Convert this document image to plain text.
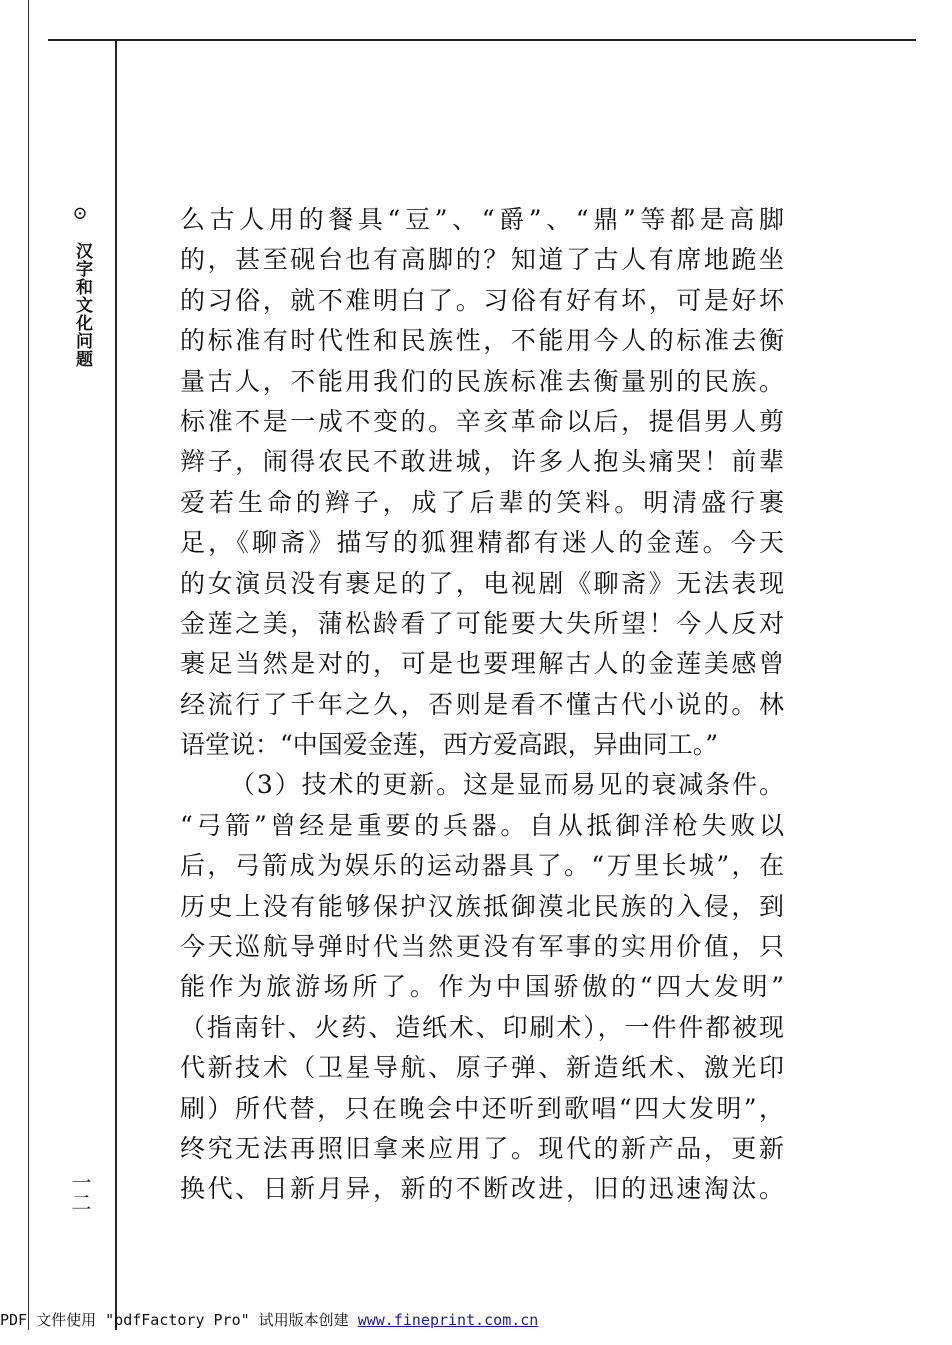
⊙
汉字和文化问题
一二
么古人用的餐具“豆”、“爵”、“鼎”等都是高脚
的，甚至砚台也有高脚的？知道了古人有席地跪坐
的习俗，就不难明白了。习俗有好有坏，可是好坏
的标准有时代性和民族性，不能用今人的标准去衡
量古人，不能用我们的民族标准去衡量别的民族。
标准不是一成不变的。辛亥革命以后，提倡男人剪
辫子，闹得农民不敢进城，许多人抱头痛哭！前辈
爱若生命的辫子，成了后辈的笑料。明清盛行裹
足，《聊斋》描写的狐狸精都有迷人的金莲。今天
的女演员没有裹足的了，电视剧《聊斋》无法表现
金莲之美，蒲松龄看了可能要大失所望！今人反对
裹足当然是对的，可是也要理解古人的金莲美感曾
经流行了千年之久，否则是看不懂古代小说的。林
语堂说：“中国爱金莲，西方爱高跟，异曲同工。”
（3）技术的更新。这是显而易见的衰减条件。
“弓箭”曾经是重要的兵器。自从抵御洋枪失败以
后，弓箭成为娱乐的运动器具了。“万里长城”，在
历史上没有能够保护汉族抵御漠北民族的入侵，到
今天巡航导弹时代当然更没有军事的实用价值，只
能作为旅游场所了。作为中国骄傲的“四大发明”
（指南针、火药、造纸术、印刷术），一件件都被现
代新技术（卫星导航、原子弹、新造纸术、激光印
刷）所代替，只在晚会中还听到歌唱“四大发明”，
终究无法再照旧拿来应用了。现代的新产品，更新
换代、日新月异，新的不断改进，旧的迅速淘汰。
PDF 文件使用 "pdfFactory Pro" 试用版本创建 www.fineprint.com.cn
